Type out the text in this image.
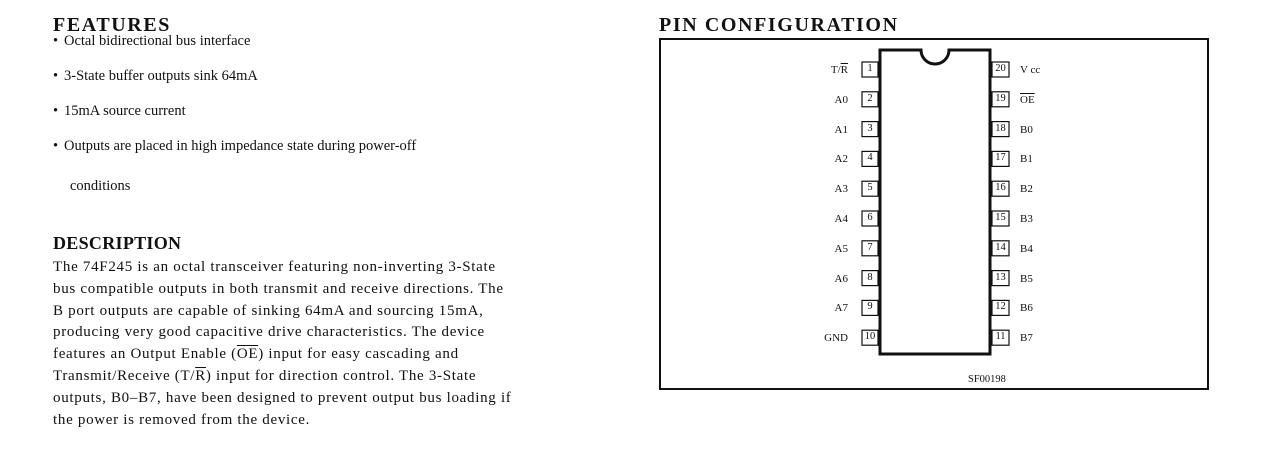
FEATURES
• Octal bidirectional bus interface
• 3-State buffer outputs sink 64mA
• 15mA source current
• Outputs are placed in high impedance state during power-off
conditions
DESCRIPTION
The 74F245 is an octal transceiver featuring non-inverting 3-State
bus compatible outputs in both transmit and receive directions. The
B port outputs are capable of sinking 64mA and sourcing 15mA,
producing very good capacitive drive characteristics. The device
features an Output Enable $(\overline{OE})$ input for easy cascading and
Transmit/Receive $(T/\overline{R})$ input for direction control. The 3-State
outputs, B0–B7, have been designed to prevent output bus loading if
the power is removed from the device.
PIN CONFIGURATION
1
$T/\overline{R}$
2
A0
3
A1
4
A2
5
A3
6
A4
7
A5
8
A6
9
A7
10
GND
20 V cc
19 $\overline{OE}$
18 B0
17 B1
16 B2
15 B3
14 B4
13 B5
12 B6
11	B7
SF00198
